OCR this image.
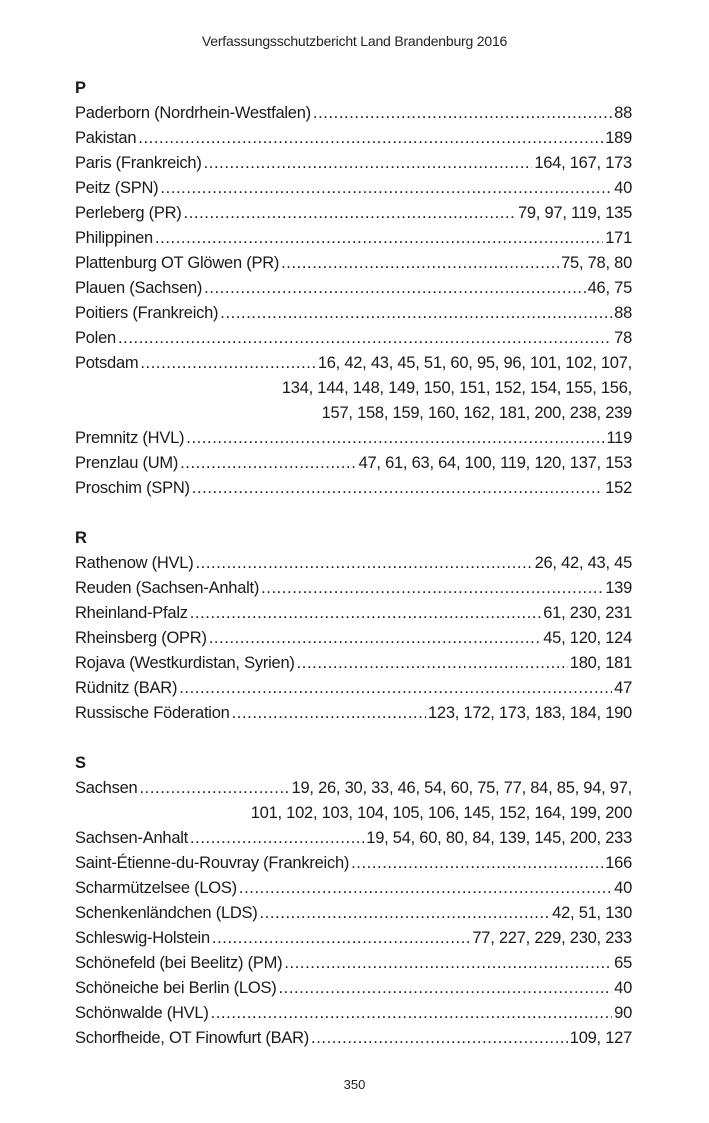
Verfassungsschutzbericht Land Brandenburg 2016
P
Paderborn (Nordrhein-Westfalen) .....	88
Pakistan .....	189
Paris (Frankreich) .....	164, 167, 173
Peitz (SPN) .....	40
Perleberg (PR) .....	79, 97, 119, 135
Philippinen .....	171
Plattenburg OT Glöwen (PR) .....	75, 78, 80
Plauen (Sachsen) .....	46, 75
Poitiers (Frankreich) .....	88
Polen .....	78
Potsdam .....	16, 42, 43, 45, 51, 60, 95, 96, 101, 102, 107,
134, 144, 148, 149, 150, 151, 152, 154, 155, 156,
157, 158, 159, 160, 162, 181, 200, 238, 239
Premnitz (HVL) .....	119
Prenzlau (UM) .....	47, 61, 63, 64, 100, 119, 120, 137, 153
Proschim (SPN) .....	152
R
Rathenow (HVL) .....	26, 42, 43, 45
Reuden (Sachsen-Anhalt) .....	139
Rheinland-Pfalz .....	61, 230, 231
Rheinsberg (OPR) .....	45, 120, 124
Rojava (Westkurdistan, Syrien) .....	180, 181
Rüdnitz (BAR) .....	47
Russische Föderation .....	123, 172, 173, 183, 184, 190
S
Sachsen .....	19, 26, 30, 33, 46, 54, 60, 75, 77, 84, 85, 94, 97,
101, 102, 103, 104, 105, 106, 145, 152, 164, 199, 200
Sachsen-Anhalt .....	19, 54, 60, 80, 84, 139, 145, 200, 233
Saint-Étienne-du-Rouvray (Frankreich) .....	166
Scharmützelsee (LOS) .....	40
Schenkenländchen (LDS) .....	42, 51, 130
Schleswig-Holstein .....	77, 227, 229, 230, 233
Schönefeld (bei Beelitz) (PM) .....	65
Schöneiche bei Berlin (LOS) .....	40
Schönwalde (HVL) .....	90
Schorfheide, OT Finowfurt (BAR) .....	109, 127
350
